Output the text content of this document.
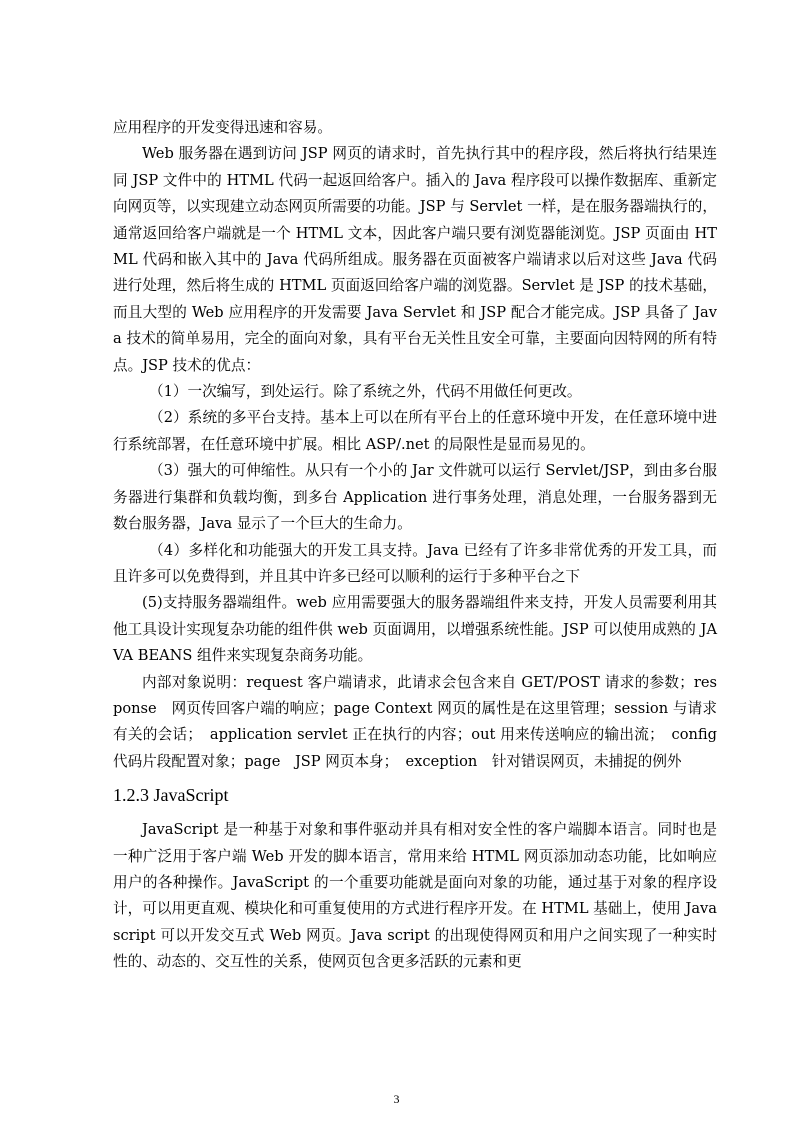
应用程序的开发变得迅速和容易。

Web 服务器在遇到访问 JSP 网页的请求时，首先执行其中的程序段，然后将执行结果连同 JSP 文件中的 HTML 代码一起返回给客户。插入的 Java 程序段可以操作数据库、重新定向网页等，以实现建立动态网页所需要的功能。JSP 与 Servlet 一样，是在服务器端执行的，通常返回给客户端就是一个 HTML 文本，因此客户端只要有浏览器能浏览。JSP 页面由 HTML 代码和嵌入其中的 Java 代码所组成。服务器在页面被客户端请求以后对这些 Java 代码进行处理，然后将生成的 HTML 页面返回给客户端的浏览器。Servlet 是 JSP 的技术基础，而且大型的 Web 应用程序的开发需要 Java Servlet 和 JSP 配合才能完成。JSP 具备了 Java 技术的简单易用，完全的面向对象，具有平台无关性且安全可靠，主要面向因特网的所有特点。JSP 技术的优点：

（1）一次编写，到处运行。除了系统之外，代码不用做任何更改。

（2）系统的多平台支持。基本上可以在所有平台上的任意环境中开发，在任意环境中进行系统部署，在任意环境中扩展。相比 ASP/.net 的局限性是显而易见的。

（3）强大的可伸缩性。从只有一个小的 Jar 文件就可以运行 Servlet/JSP，到由多台服务器进行集群和负载均衡，到多台 Application 进行事务处理，消息处理，一台服务器到无数台服务器，Java 显示了一个巨大的生命力。

（4）多样化和功能强大的开发工具支持。Java 已经有了许多非常优秀的开发工具，而且许多可以免费得到，并且其中许多已经可以顺利的运行于多种平台之下

(5)支持服务器端组件。web 应用需要强大的服务器端组件来支持，开发人员需要利用其他工具设计实现复杂功能的组件供 web 页面调用，以增强系统性能。JSP 可以使用成熟的 JAVA BEANS 组件来实现复杂商务功能。

内部对象说明：request 客户端请求，此请求会包含来自 GET/POST 请求的参数；response　网页传回客户端的响应；page Context 网页的属性是在这里管理；session 与请求有关的会话；　application servlet 正在执行的内容；out 用来传送响应的输出流；　config　代码片段配置对象；page　JSP 网页本身；　exception　针对错误网页，未捕捉的例外

1.2.3 JavaScript

JavaScript 是一种基于对象和事件驱动并具有相对安全性的客户端脚本语言。同时也是一种广泛用于客户端 Web 开发的脚本语言，常用来给 HTML 网页添加动态功能，比如响应用户的各种操作。JavaScript 的一个重要功能就是面向对象的功能，通过基于对象的程序设计，可以用更直观、模块化和可重复使用的方式进行程序开发。在 HTML 基础上，使用 Java script 可以开发交互式 Web 网页。Java script 的出现使得网页和用户之间实现了一种实时性的、动态的、交互性的关系，使网页包含更多活跃的元素和更

3
